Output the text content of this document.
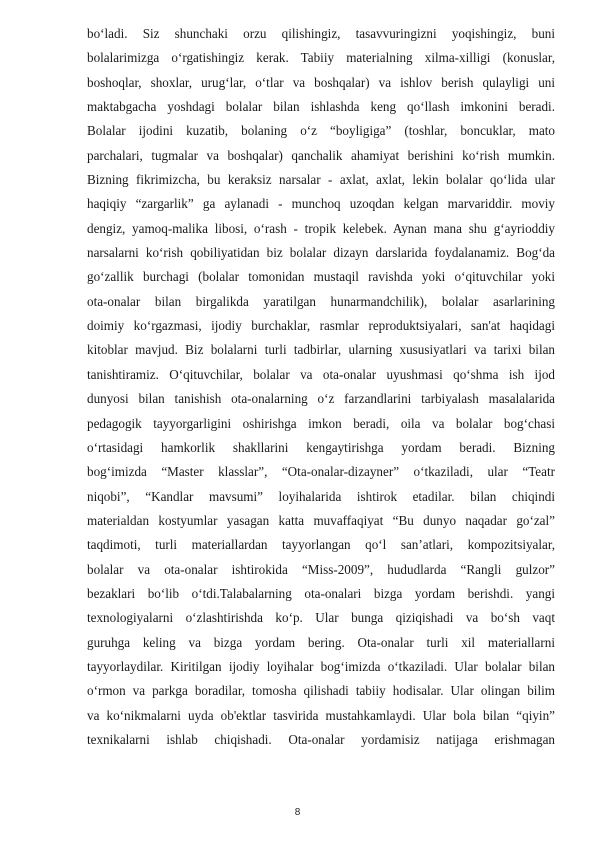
bo‘ladi. Siz shunchaki orzu qilishingiz, tasavvuringizni yoqishingiz, buni
bolalarimizga o‘rgatishingiz kerak. Tabiiy materialning xilma-xilligi (konuslar,
boshoqlar, shoxlar, urug‘lar, o‘tlar va boshqalar) va ishlov berish qulayligi uni
maktabgacha yoshdagi bolalar bilan ishlashda keng qo‘llash imkonini beradi.
Bolalar ijodini kuzatib, bolaning o‘z “boyligiga” (toshlar, boncuklar, mato
parchalari, tugmalar va boshqalar) qanchalik ahamiyat berishini ko‘rish mumkin.
Bizning fikrimizcha, bu keraksiz narsalar - axlat, axlat, lekin bolalar qo‘lida ular
haqiqiy “zargarlik” ga aylanadi - munchoq uzoqdan kelgan marvariddir. moviy
dengiz, yamoq-malika libosi, o‘rash - tropik kelebek. Aynan mana shu g‘ayrioddiy
narsalarni ko‘rish qobiliyatidan biz bolalar dizayn darslarida foydalanamiz. Bog‘da
go‘zallik burchagi (bolalar tomonidan mustaqil ravishda yoki o‘qituvchilar yoki
ota-onalar bilan birgalikda yaratilgan hunarmandchilik), bolalar asarlarining
doimiy ko‘rgazmasi, ijodiy burchaklar, rasmlar reproduktsiyalari, san'at haqidagi
kitoblar mavjud. Biz bolalarni turli tadbirlar, ularning xususiyatlari va tarixi bilan
tanishtiramiz. O‘qituvchilar, bolalar va ota-onalar uyushmasi qo‘shma ish ijod
dunyosi bilan tanishish ota-onalarning o‘z farzandlarini tarbiyalash masalalarida
pedagogik tayyorgarligini oshirishga imkon beradi, oila va bolalar bog‘chasi
o‘rtasidagi hamkorlik shakllarini kengaytirishga yordam beradi. Bizning
bog‘imizda “Master klasslar”, “Ota-onalar-dizayner” o‘tkaziladi, ular “Teatr
niqobi”, “Kandlar mavsumi” loyihalarida ishtirok etadilar. bilan chiqindi
materialdan kostyumlar yasagan katta muvaffaqiyat “Bu dunyo naqadar go‘zal”
taqdimoti, turli materiallardan tayyorlangan qo‘l san’atlari, kompozitsiyalar,
bolalar va ota-onalar ishtirokida “Miss-2009”, hududlarda “Rangli gulzor”
bezaklari bo‘lib o‘tdi.Talabalarning ota-onalari bizga yordam berishdi. yangi
texnologiyalarni o‘zlashtirishda ko‘p. Ular bunga qiziqishadi va bo‘sh vaqt
guruhga keling va bizga yordam bering. Ota-onalar turli xil materiallarni
tayyorlaydilar. Kiritilgan ijodiy loyihalar bog‘imizda o‘tkaziladi. Ular bolalar bilan
o‘rmon va parkga boradilar, tomosha qilishadi tabiiy hodisalar. Ular olingan bilim
va ko‘nikmalarni uyda ob'ektlar tasvirida mustahkamlaydi. Ular bola bilan “qiyin”
texnikalarni ishlab chiqishadi. Ota-onalar yordamisiz natijaga erishmagan
8
